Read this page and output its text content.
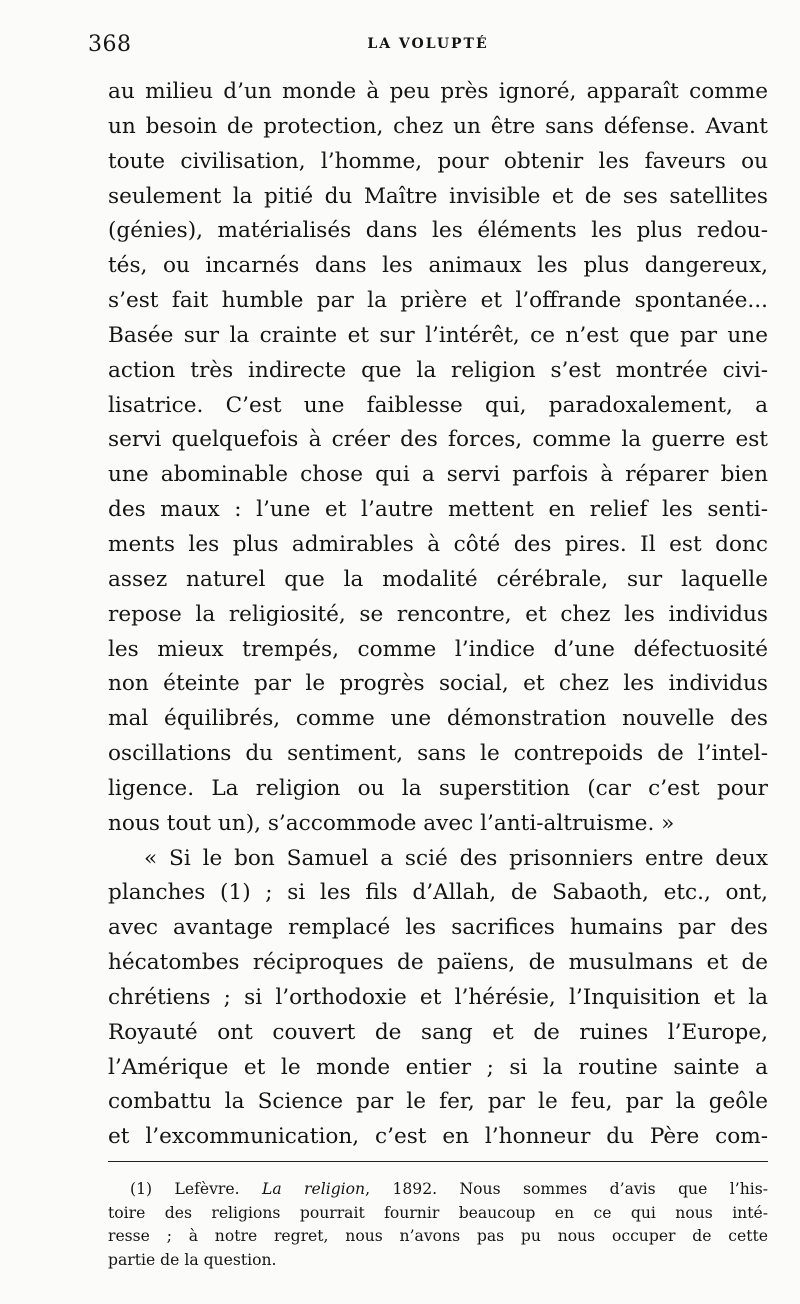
368	LA VOLUPTÉ
au milieu d’un monde à peu près ignoré, apparaît comme
un besoin de protection, chez un être sans défense. Avant
toute civilisation, l’homme, pour obtenir les faveurs ou
seulement la pitié du Maître invisible et de ses satellites
(génies), matérialisés dans les éléments les plus redou-
tés, ou incarnés dans les animaux les plus dangereux,
s’est fait humble par la prière et l’offrande spontanée...
Basée sur la crainte et sur l’intérêt, ce n’est que par une
action très indirecte que la religion s’est montrée civi-
lisatrice. C’est une faiblesse qui, paradoxalement, a
servi quelquefois à créer des forces, comme la guerre est
une abominable chose qui a servi parfois à réparer bien
des maux : l’une et l’autre mettent en relief les senti-
ments les plus admirables à côté des pires. Il est donc
assez naturel que la modalité cérébrale, sur laquelle
repose la religiosité, se rencontre, et chez les individus
les mieux trempés, comme l’indice d’une défectuosité
non éteinte par le progrès social, et chez les individus
mal équilibrés, comme une démonstration nouvelle des
oscillations du sentiment, sans le contrepoids de l’intel-
ligence. La religion ou la superstition (car c’est pour
nous tout un), s’accommode avec l’anti-altruisme. »
« Si le bon Samuel a scié des prisonniers entre deux
planches (1) ; si les fils d’Allah, de Sabaoth, etc., ont,
avec avantage remplacé les sacrifices humains par des
hécatombes réciproques de païens, de musulmans et de
chrétiens ; si l’orthodoxie et l’hérésie, l’Inquisition et la
Royauté ont couvert de sang et de ruines l’Europe,
l’Amérique et le monde entier ; si la routine sainte a
combattu la Science par le fer, par le feu, par la geôle
et l’excommunication, c’est en l’honneur du Père com-
(1) Lefèvre. La religion, 1892. Nous sommes d’avis que l’his-
toire des religions pourrait fournir beaucoup en ce qui nous inté-
resse ; à notre regret, nous n’avons pas pu nous occuper de cette
partie de la question.
